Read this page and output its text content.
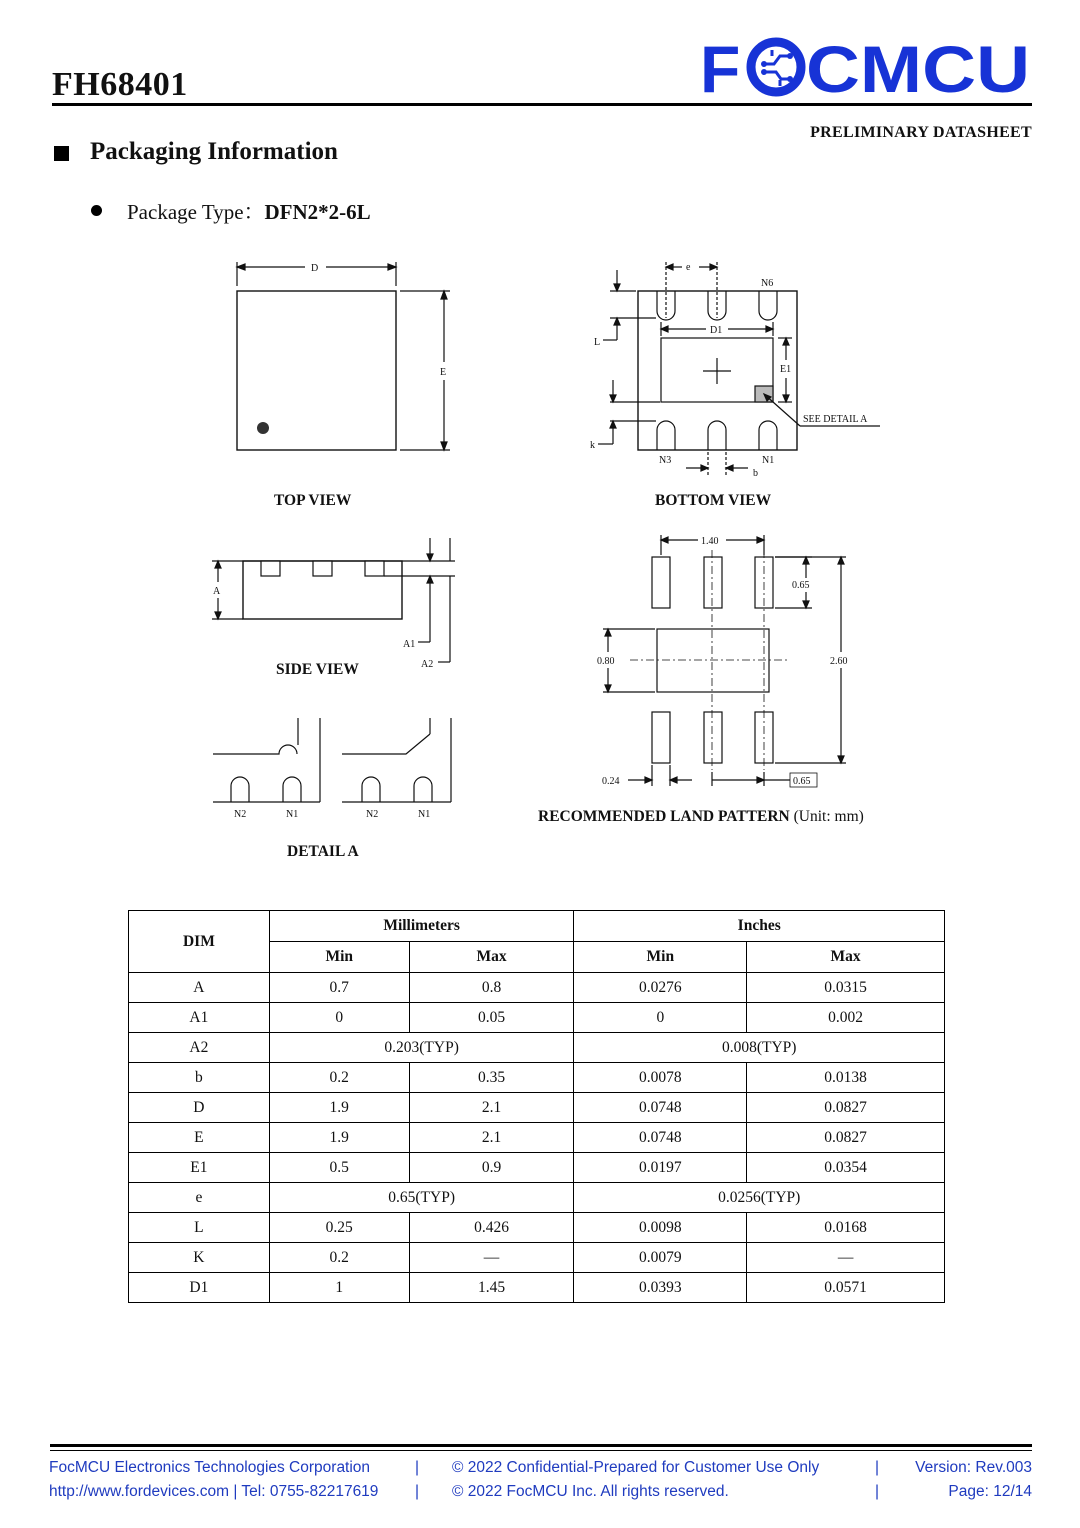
FH68401	F CMCU
PRELIMINARY DATASHEET
Packaging Information
Package Type：DFN2*2-6L
D
E
TOP VIEW
e
D1
E1
L
k
b
N6
N3	N1
SEE DETAIL A
BOTTOM VIEW
A
A1
A2
SIDE VIEW
N2	N1	N2	N1
DETAIL A
1.40
0.65
0.80	2.60
0.24	0.65
RECOMMENDED LAND PATTERN (Unit: mm)
DIM	Millimeters		Inches	
	Min	Max	Min	Max
A	0.7	0.8	0.0276	0.0315
A1	0	0.05	0	0.002
A2	0.203(TYP)		0.008(TYP)	
b	0.2	0.35	0.0078	0.0138
D	1.9	2.1	0.0748	0.0827
E	1.9	2.1	0.0748	0.0827
E1	0.5	0.9	0.0197	0.0354
e	0.65(TYP)		0.0256(TYP)	
L	0.25	0.426	0.0098	0.0168
K	0.2	—	0.0079	—
D1	1	1.45	0.0393	0.0571
FocMCU Electronics Technologies Corporation
http://www.fordevices.com | Tel: 0755-82217619
|
|
© 2022 Confidential-Prepared for Customer Use Only
© 2022 FocMCU Inc. All rights reserved.
|
|
Version: Rev.003
Page: 12/14
